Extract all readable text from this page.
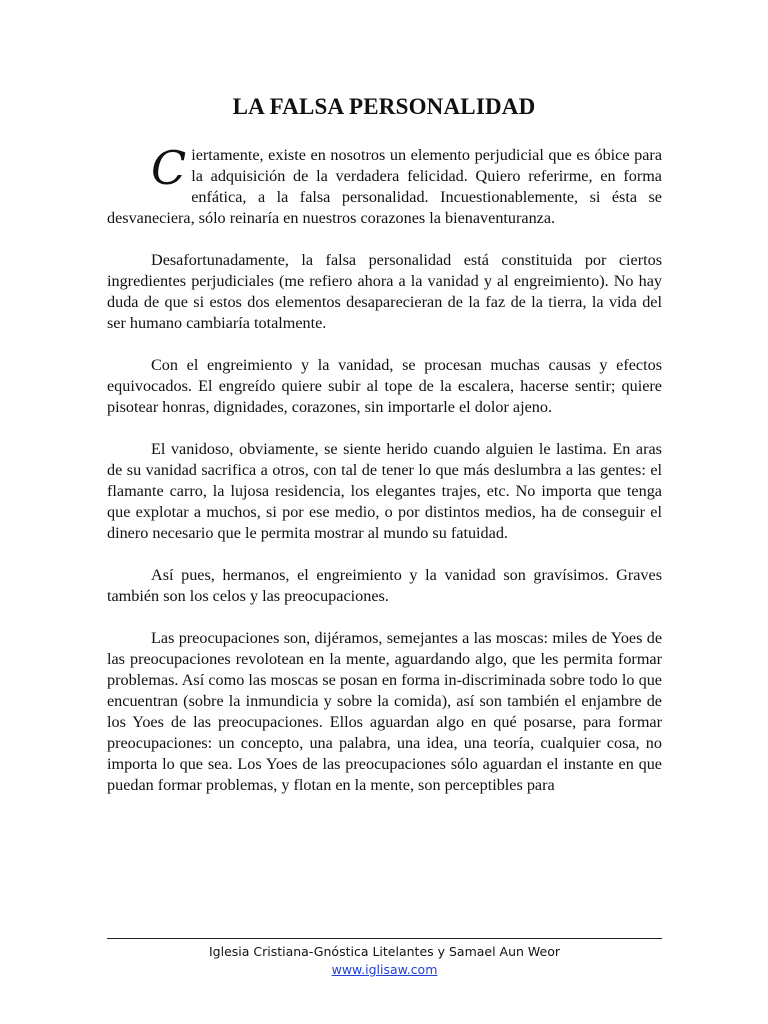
LA FALSA PERSONALIDAD

Ciertamente, existe en nosotros un elemento perjudicial que es óbice para la adquisición de la verdadera felicidad. Quiero referirme, en forma enfática, a la falsa personalidad. Incuestionablemente, si ésta se desvaneciera, sólo reinaría en nuestros corazones la bienaventuranza.

Desafortunadamente, la falsa personalidad está constituida por ciertos ingredientes perjudiciales (me refiero ahora a la vanidad y al engreimiento). No hay duda de que si estos dos elementos desaparecieran de la faz de la tierra, la vida del ser humano cambiaría totalmente.

Con el engreimiento y la vanidad, se procesan muchas causas y efectos equivocados. El engreído quiere subir al tope de la escalera, hacerse sentir; quiere pisotear honras, dignidades, corazones, sin importarle el dolor ajeno.

El vanidoso, obviamente, se siente herido cuando alguien le lastima. En aras de su vanidad sacrifica a otros, con tal de tener lo que más deslumbra a las gentes: el flamante carro, la lujosa residencia, los elegantes trajes, etc. No importa que tenga que explotar a muchos, si por ese medio, o por distintos medios, ha de conseguir el dinero necesario que le permita mostrar al mundo su fatuidad.

Así pues, hermanos, el engreimiento y la vanidad son gravísimos. Graves también son los celos y las preocupaciones.

Las preocupaciones son, dijéramos, semejantes a las moscas: miles de Yoes de las preocupaciones revolotean en la mente, aguardando algo, que les permita formar problemas. Así como las moscas se posan en forma in-discriminada sobre todo lo que encuentran (sobre la inmundicia y sobre la comida), así son también el enjambre de los Yoes de las preocupaciones. Ellos aguardan algo en qué posarse, para formar preocupaciones: un concepto, una palabra, una idea, una teoría, cualquier cosa, no importa lo que sea. Los Yoes de las preocupaciones sólo aguardan el instante en que puedan formar problemas, y flotan en la mente, son perceptibles para

Iglesia Cristiana-Gnóstica Litelantes y Samael Aun Weor
www.iglisaw.com
